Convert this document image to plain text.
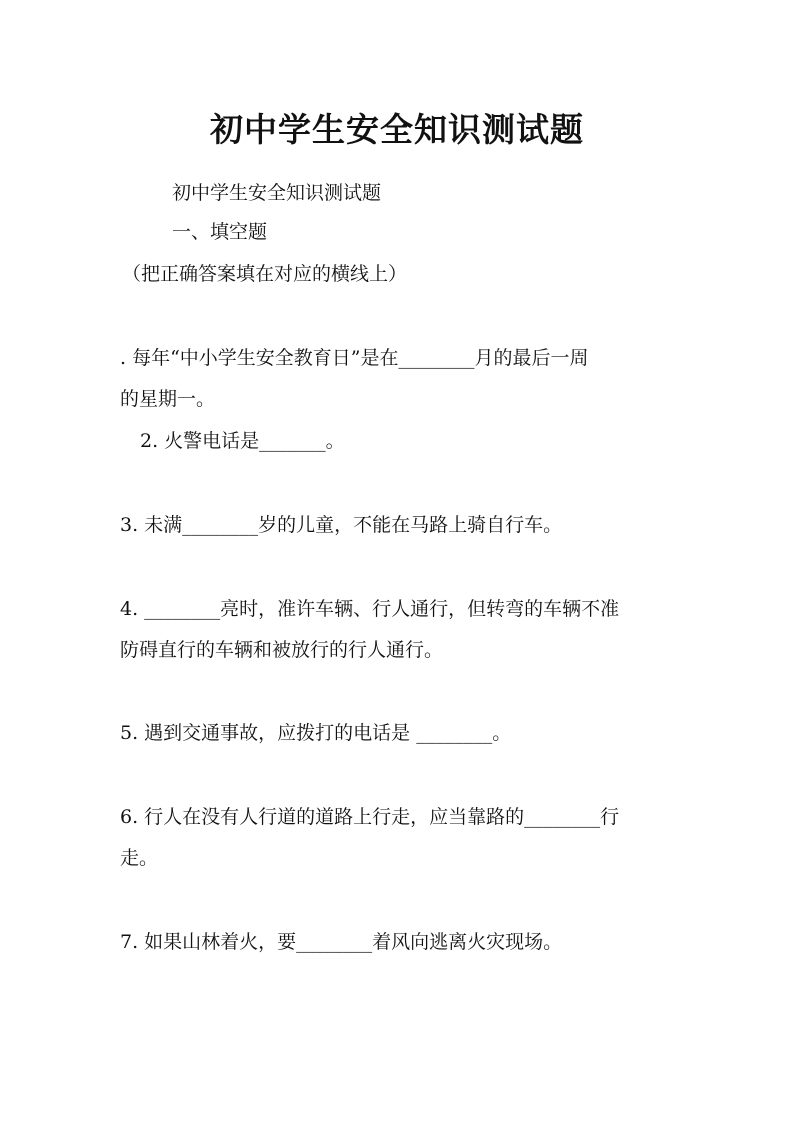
初中学生安全知识测试题
初中学生安全知识测试题
一、填空题
（把正确答案填在对应的横线上）
. 每年“中小学生安全教育日”是在________月的最后一周
的星期一。
2. 火警电话是_______。
3. 未满________岁的儿童，不能在马路上骑自行车。
4. ________亮时，准许车辆、行人通行，但转弯的车辆不准
防碍直行的车辆和被放行的行人通行。
5. 遇到交通事故，应拨打的电话是 ________。
6. 行人在没有人行道的道路上行走，应当靠路的________行
走。
7. 如果山林着火，要________着风向逃离火灾现场。
